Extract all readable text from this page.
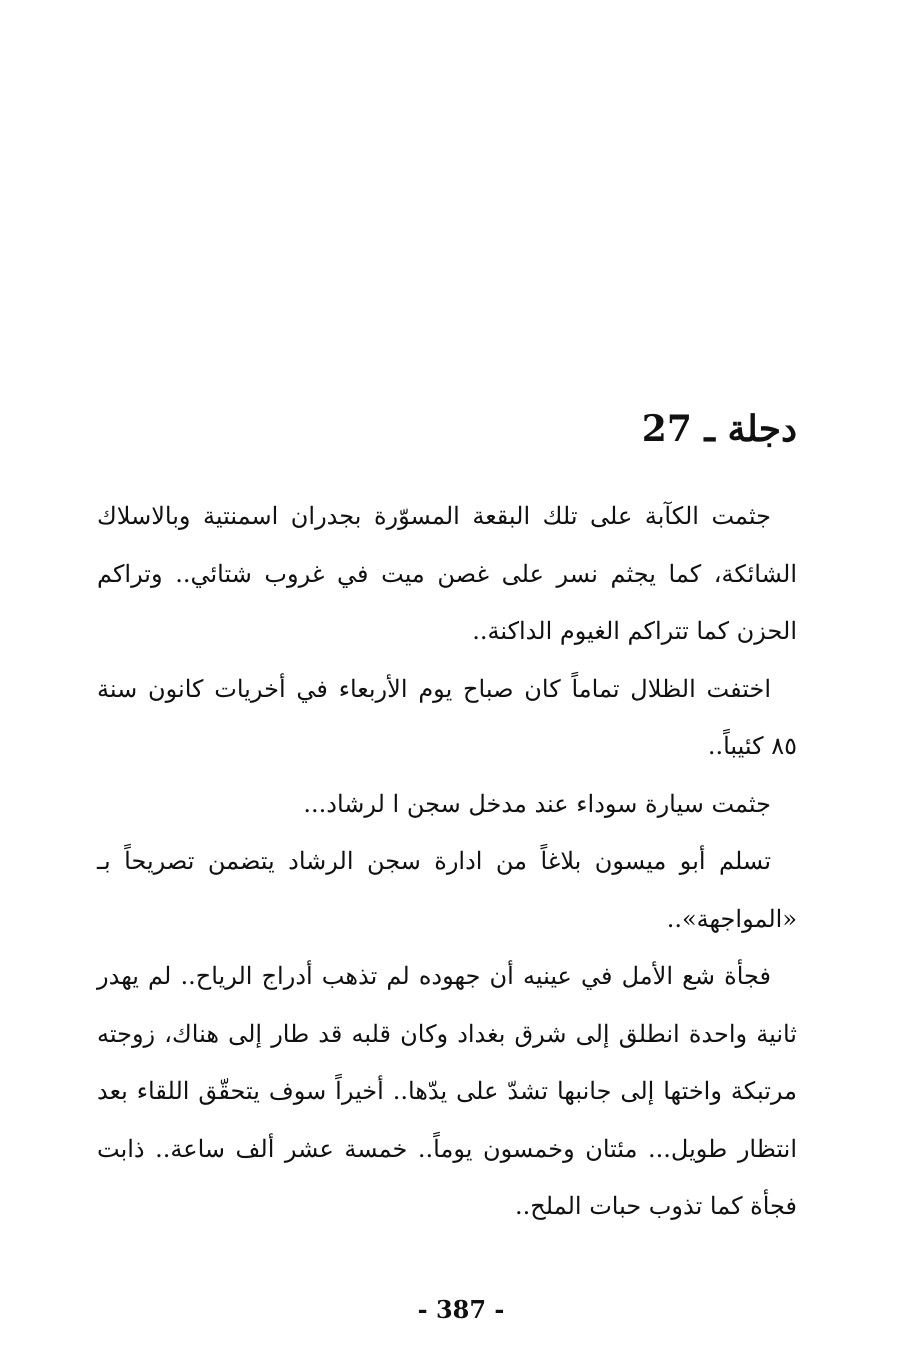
دجلة ـ 27

جثمت الكآبة على تلك البقعة المسوّرة بجدران اسمنتية وبالاسلاك الشائكة، كما يجثم نسر على غصن ميت في غروب شتائي.. وتراكم الحزن كما تتراكم الغيوم الداكنة..

اختفت الظلال تماماً كان صباح يوم الأربعاء في أخريات كانون سنة ٨٥ كئيباً..

جثمت سيارة سوداء عند مدخل سجن ا لرشاد...

تسلم أبو ميسون بلاغاً من ادارة سجن الرشاد يتضمن تصريحاً بـ «المواجهة»..

فجأة شع الأمل في عينيه أن جهوده لم تذهب أدراج الرياح.. لم يهدر ثانية واحدة انطلق إلى شرق بغداد وكان قلبه قد طار إلى هناك، زوجته مرتبكة واختها إلى جانبها تشدّ على يدّها.. أخيراً سوف يتحقّق اللقاء بعد انتظار طويل... مئتان وخمسون يوماً.. خمسة عشر ألف ساعة.. ذابت فجأة كما تذوب حبات الملح..

- 387 -
